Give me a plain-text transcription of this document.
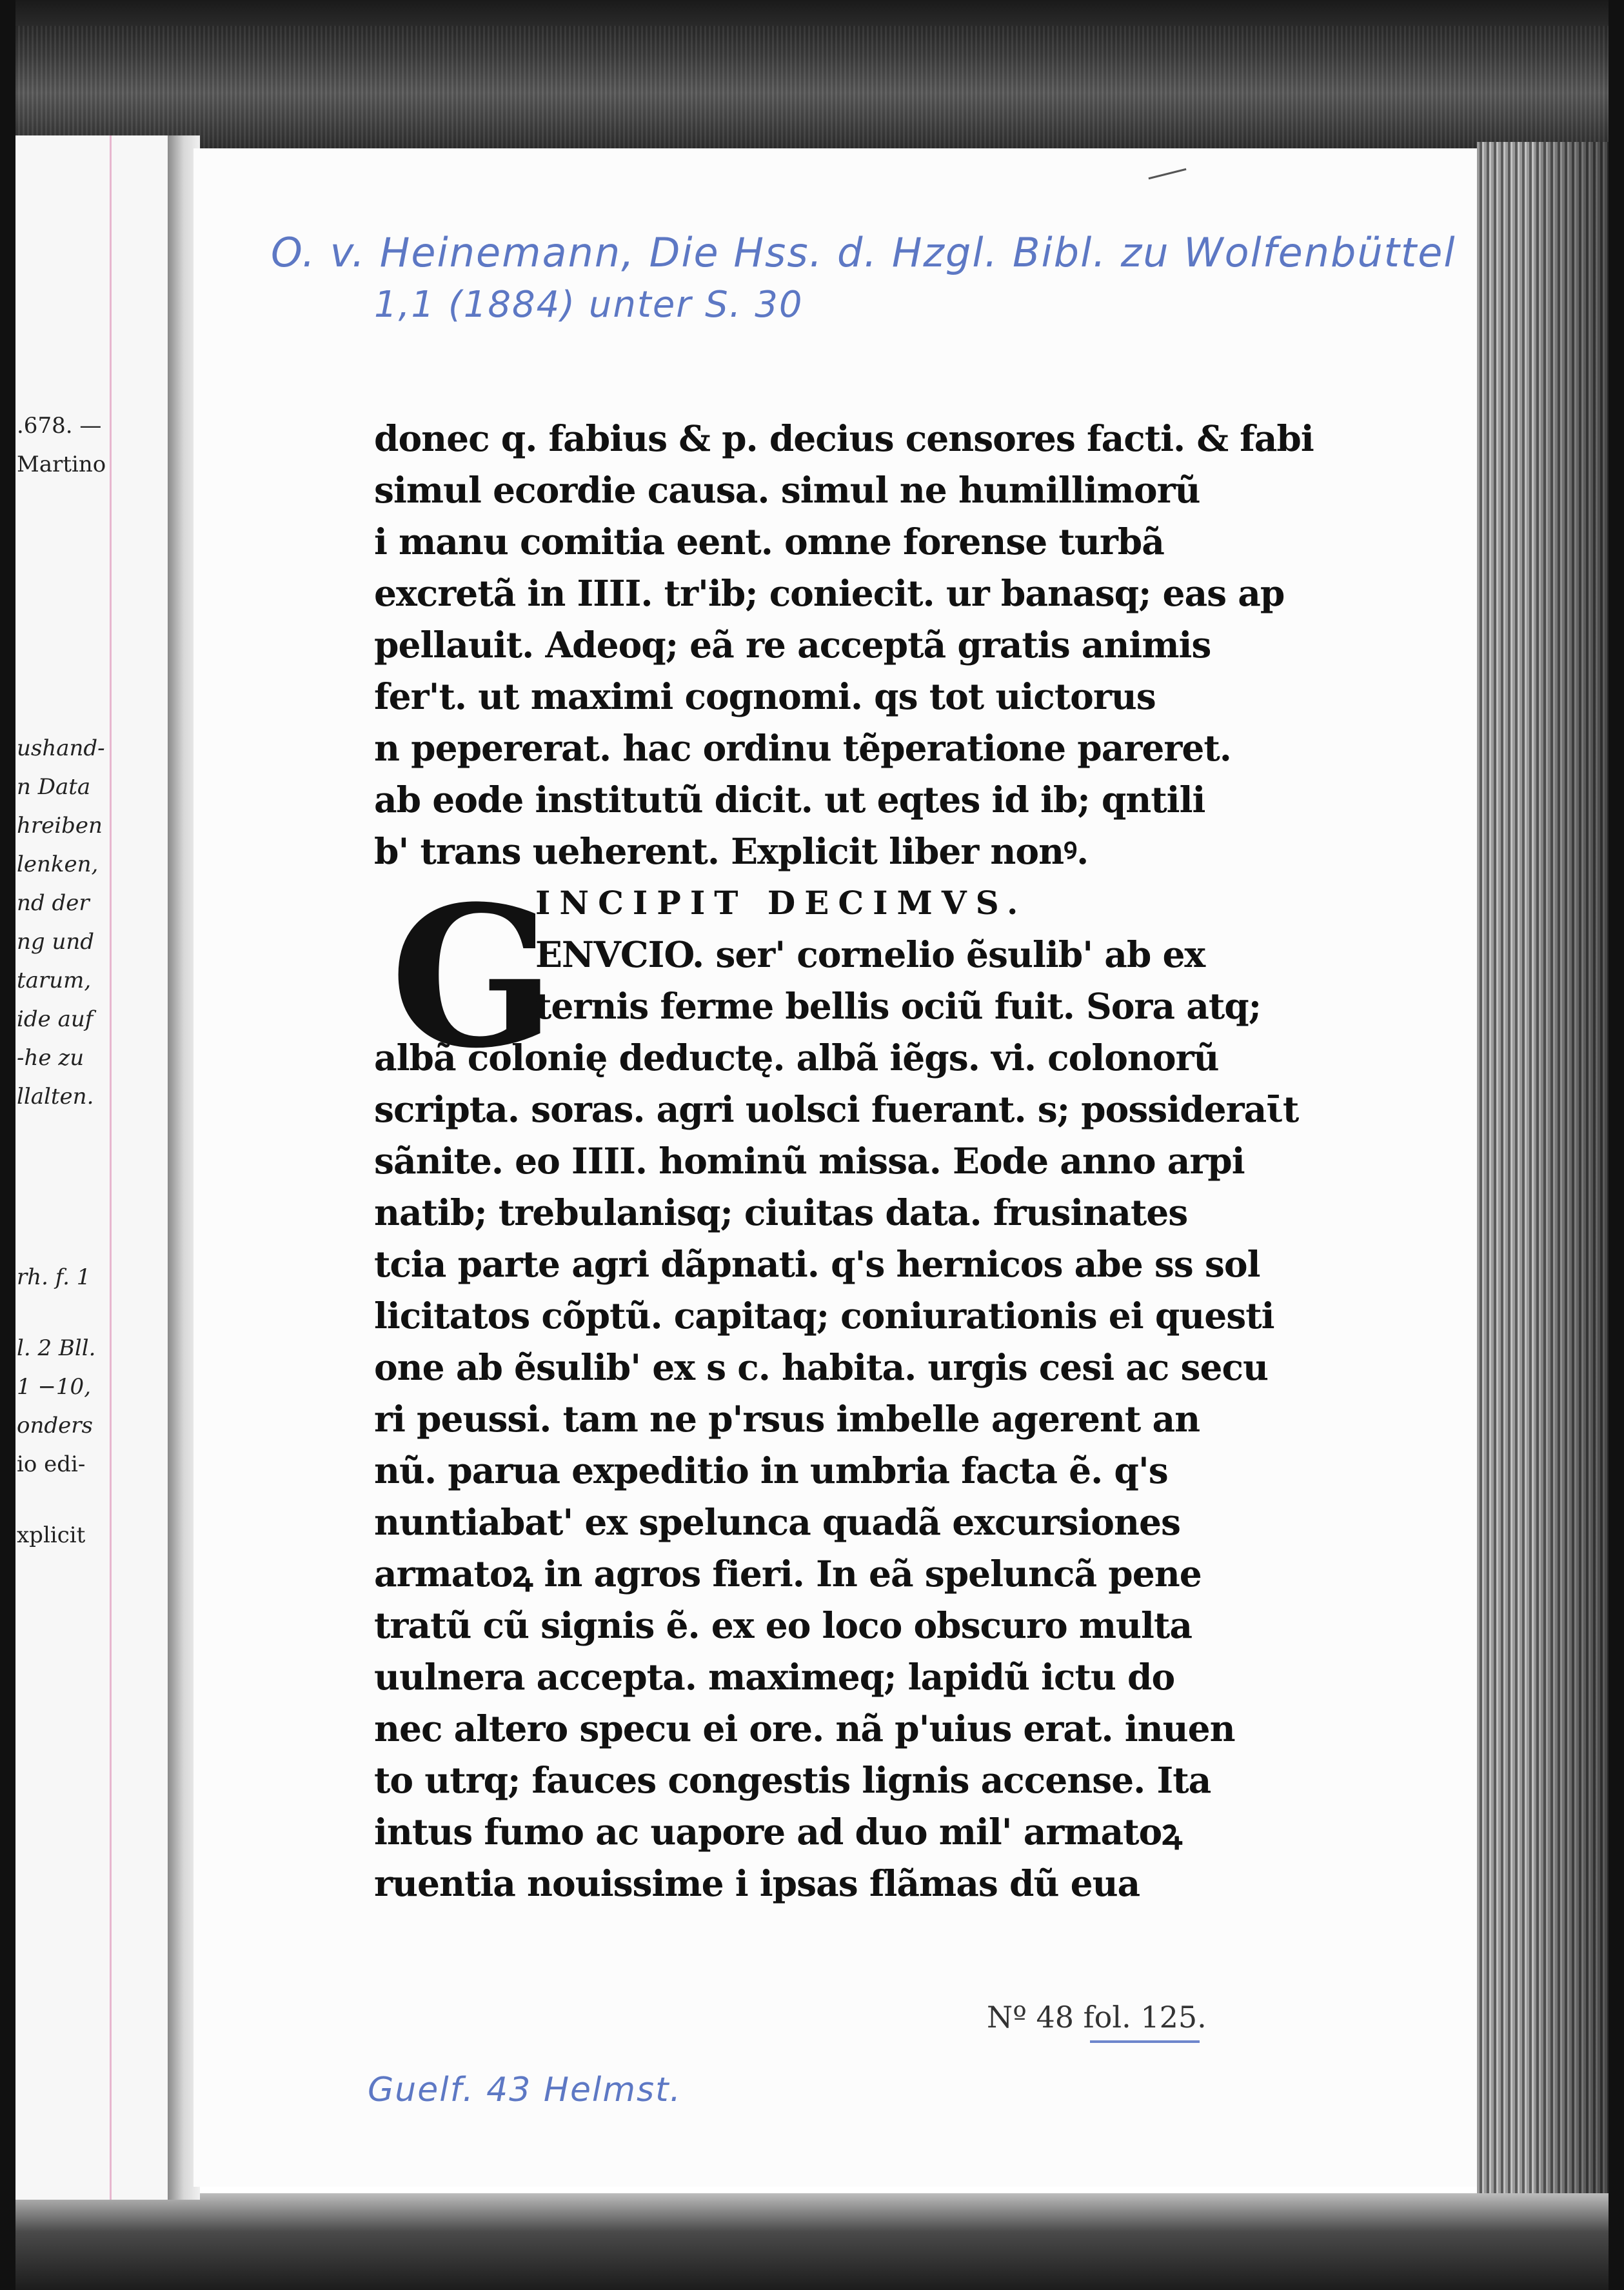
.678. —
Martino
ushand-
n Data
hreiben
lenken,
nd der
ng und
tarum,
ide auf
-he zu
llalten.
rh. f. 1
l. 2 Bll.
1 −10,
onders
io edi-
xplicit
O. v. Heinemann, Die Hss. d. Hzgl. Bibl. zu Wolfenbüttel
1,1 (1884) unter S. 30
G
donec q. fabius & p. decius censores facti. & fabi
simul ecordie causa. simul ne humillimorũ
i manu comitia eent. omne forense turbã
excretã in IIII. tr'ib; coniecit. ur banasq; eas ap
pellauit. Adeoq; eã re acceptã gratis animis
fer't. ut maximi cognomi. qs tot uictorus
n pepererat. hac ordinu tẽperatione pareret.
ab eode institutũ dicit. ut eqtes id ib; qntili
b' trans ueherent. Explicit liber nonꝰ.
INCIPIT DECIMVS.
ENVCIO. ser' cornelio ẽsulib' ab ex
ternis ferme bellis ociũ fuit. Sora atq;
albã colonię deductę. albã iẽgs. vi. colonorũ
scripta. soras. agri uolsci fuerant. s; possideraῑt
sãnite. eo IIII. hominũ missa. Eode anno arpi
natib; trebulanisq; ciuitas data. frusinates
tcia parte agri dãpnati. q's hernicos abe ss sol
licitatos cõptũ. capitaq; coniurationis ei questi
one ab ẽsulib' ex s c. habita. urgis cesi ac secu
ri peussi. tam ne p'rsus imbelle agerent an
nũ. parua expeditio in umbria facta ẽ. q's
nuntiabat' ex spelunca quadã excursiones
armatoꝝ in agros fieri. In eã speluncã pene
tratũ cũ signis ẽ. ex eo loco obscuro multa
uulnera accepta. maximeq; lapidũ ictu do
nec altero specu ei ore. nã p'uius erat. inuen
to utrq; fauces congestis lignis accense. Ita
intus fumo ac uapore ad duo mil' armatoꝝ
ruentia nouissime i ipsas flãmas dũ eua
Nº 48 fol. 125.
Guelf. 43 Helmst.
